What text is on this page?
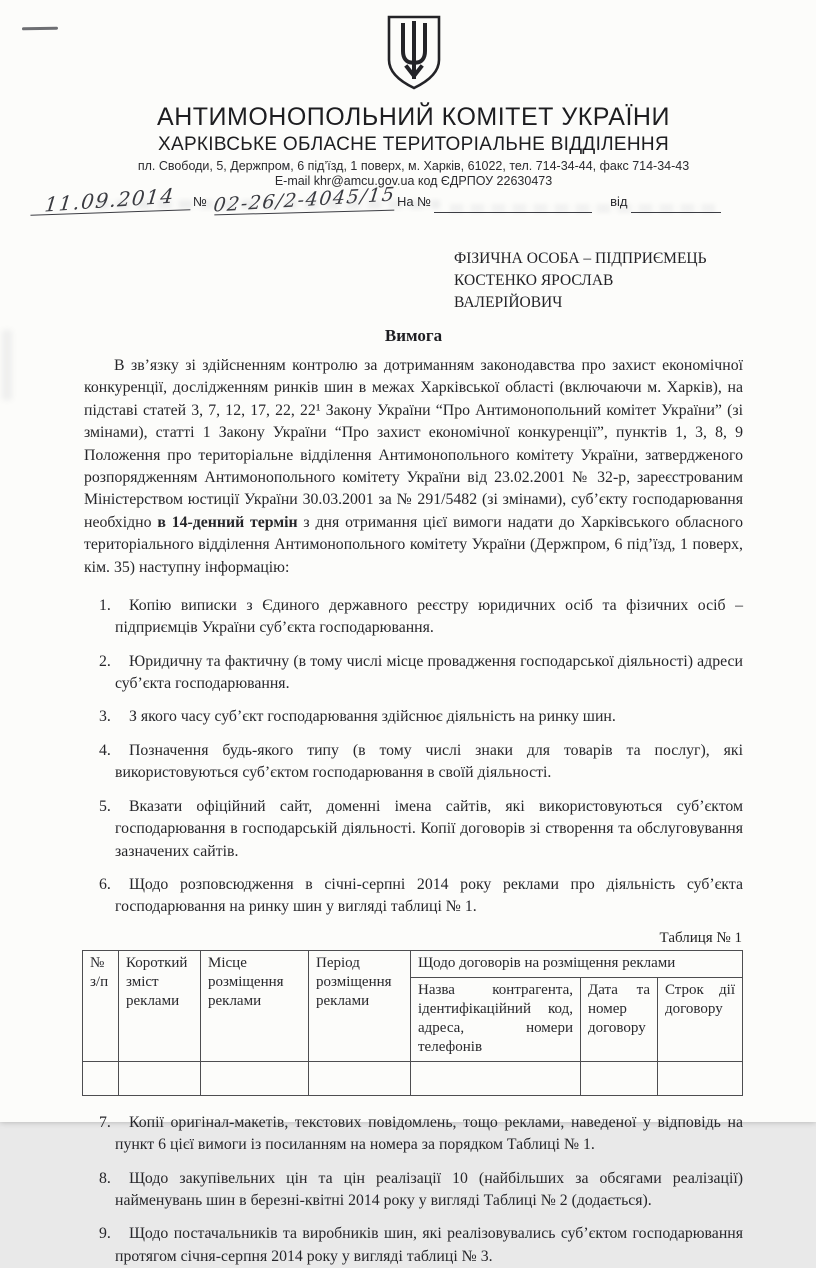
АНТИМОНОПОЛЬНИЙ КОМІТЕТ УКРАЇНИ
ХАРКІВСЬКЕ ОБЛАСНЕ ТЕРИТОРІАЛЬНЕ ВІДДІЛЕННЯ
пл. Свободи, 5, Держпром, 6 під’їзд, 1 поверх, м. Харків, 61022, тел. 714-34-44, факс 714-34-43
E-mail khr@amcu.gov.ua код ЄДРПОУ 22630473
11.09.2014 № 02-26/2-4045/15На №	від
ФІЗИЧНА ОСОБА – ПІДПРИЄМЕЦЬ
КОСТЕНКО ЯРОСЛАВ
ВАЛЕРІЙОВИЧ
Вимога

В зв’язку зі здійсненням контролю за дотриманням законодавства про захист економічної конкуренції, дослідженням ринків шин в межах Харківської області (включаючи м. Харків), на підставі статей 3, 7, 12, 17, 22, 22¹ Закону України “Про Антимонопольний комітет України” (зі змінами), статті 1 Закону України “Про захист економічної конкуренції”, пунктів 1, 3, 8, 9 Положення про територіальне відділення Антимонопольного комітету України, затвердженого розпорядженням Антимонопольного комітету України від 23.02.2001 № 32-р, зареєстрованим Міністерством юстиції України 30.03.2001 за № 291/5482 (зі змінами), суб’єкту господарювання необхідно в 14-денний термін з дня отримання цієї вимоги надати до Харківського обласного територіального відділення Антимонопольного комітету України (Держпром, 6 під’їзд, 1 поверх, кім. 35) наступну інформацію:

1. Копію виписки з Єдиного державного реєстру юридичних осіб та фізичних осіб – підприємців України суб’єкта господарювання.
2. Юридичну та фактичну (в тому числі місце провадження господарської діяльності) адреси суб’єкта господарювання.
3. З якого часу суб’єкт господарювання здійснює діяльність на ринку шин.
4. Позначення будь-якого типу (в тому числі знаки для товарів та послуг), які використовуються суб’єктом господарювання в своїй діяльності.
5. Вказати офіційний сайт, доменні імена сайтів, які використовуються суб’єктом господарювання в господарській діяльності. Копії договорів зі створення та обслуговування зазначених сайтів.
6. Щодо розповсюдження в січні-серпні 2014 року реклами про діяльність суб’єкта господарювання на ринку шин у вигляді таблиці № 1.
Таблиця № 1
№ з/п	Короткий зміст реклами	Місце розміщення реклами	Період розміщення реклами	Щодо договорів на розміщення реклами		
				Назва контрагента, ідентифікаційний код, адреса, номери телефонів	Дата та номер договору	Строк дії договору

7. Копії оригінал-макетів, текстових повідомлень, тощо реклами, наведеної у відповідь на пункт 6 цієї вимоги із посиланням на номера за порядком Таблиці № 1.
8. Щодо закупівельних цін та цін реалізації 10 (найбільших за обсягами реалізації) найменувань шин в березні-квітні 2014 року у вигляді Таблиці № 2 (додається).
9. Щодо постачальників та виробників шин, які реалізовувались суб’єктом господарювання протягом січня-серпня 2014 року у вигляді таблиці № 3.
